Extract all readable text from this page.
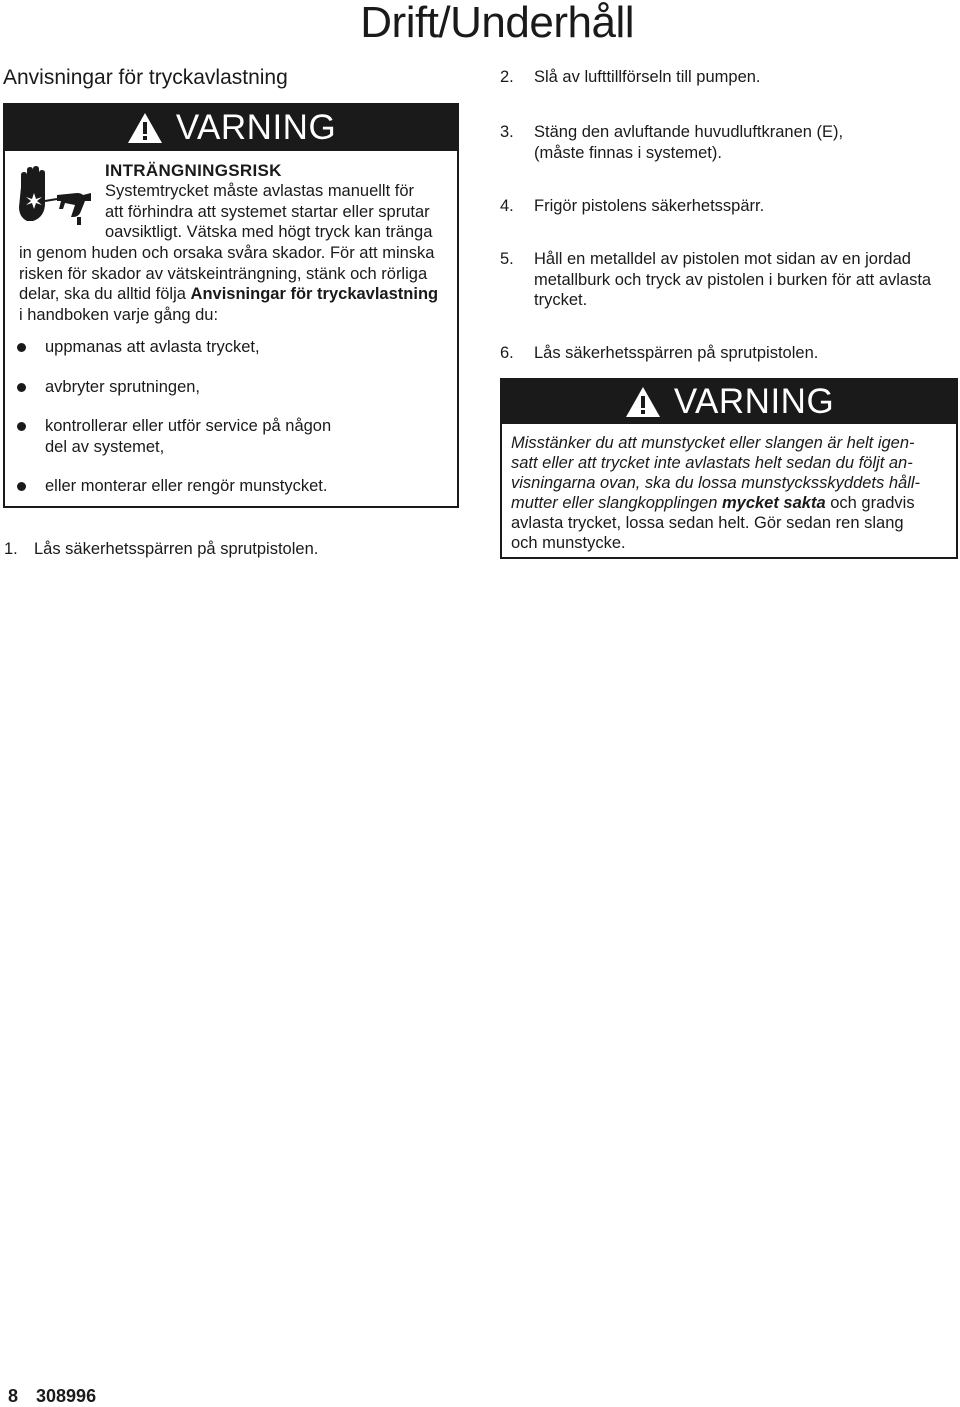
Drift/Underhåll
Anvisningar för tryckavlastning
VARNING
INTRÄNGNINGSRISK
Systemtrycket måste avlastas manuellt för
att förhindra att systemet startar eller sprutar
oavsiktligt. Vätska med högt tryck kan tränga
in genom huden och orsaka svåra skador. För att minska
risken för skador av vätskeinträngning, stänk och rörliga
delar, ska du alltid följa Anvisningar för tryckavlastning
i handboken varje gång du:
uppmanas att avlasta trycket,
avbryter sprutningen,
kontrollerar eller utför service på någon
del av systemet,
eller monterar eller rengör munstycket.
1. Lås säkerhetsspärren på sprutpistolen.
2. Slå av lufttillförseln till pumpen.
3. Stäng den avluftande huvudluftkranen (E),
(måste finnas i systemet).
4. Frigör pistolens säkerhetsspärr.
5. Håll en metalldel av pistolen mot sidan av en jordad
metallburk och tryck av pistolen i burken för att avlasta
trycket.
6. Lås säkerhetsspärren på sprutpistolen.
VARNING
Misstänker du att munstycket eller slangen är helt igen-
satt eller att trycket inte avlastats helt sedan du följt an-
visningarna ovan, ska du lossa munstycksskyddets håll-
mutter eller slangkopplingen mycket sakta och gradvis
avlasta trycket, lossa sedan helt. Gör sedan ren slang
och munstycke.
8 308996
